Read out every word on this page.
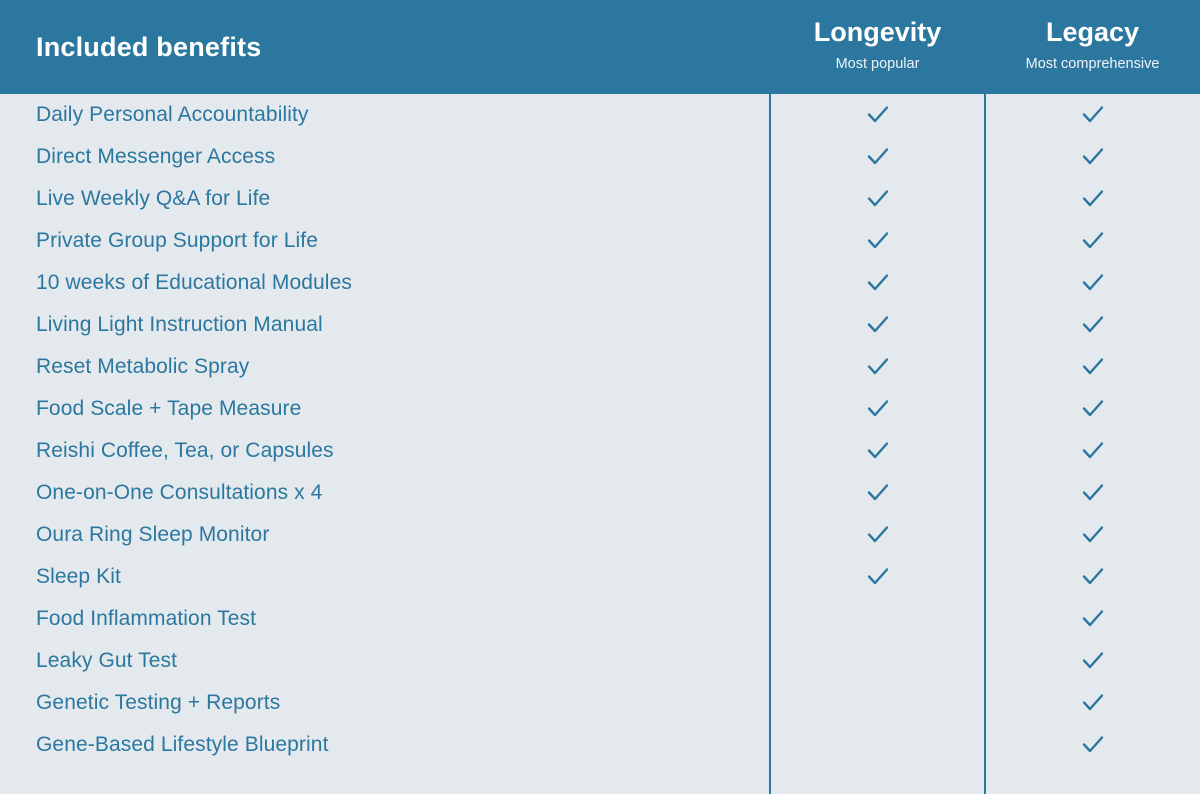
Included benefits	Longevity
Most popular
Legacy
Most comprehensive
Daily Personal Accountability
Direct Messenger Access
Live Weekly Q&A for Life
Private Group Support for Life
10 weeks of Educational Modules
Living Light Instruction Manual
Reset Metabolic Spray
Food Scale + Tape Measure
Reishi Coffee, Tea, or Capsules
One-on-One Consultations x 4
Oura Ring Sleep Monitor
Sleep Kit
Food Inflammation Test
Leaky Gut Test
Genetic Testing + Reports
Gene-Based Lifestyle Blueprint
